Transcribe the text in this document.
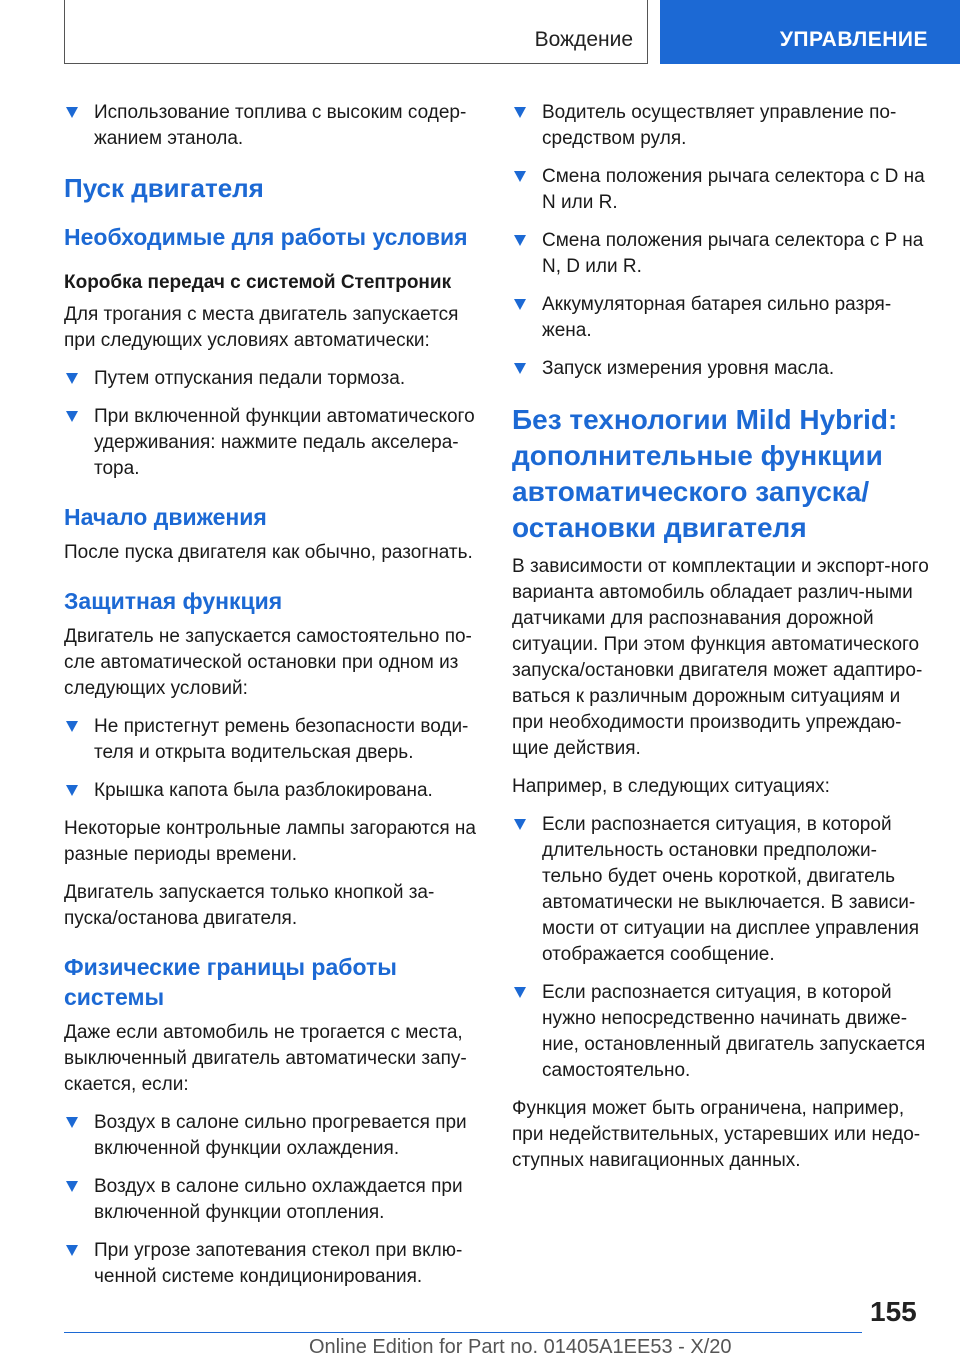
Вождение	УПРАВЛЕНИЕ
Использование топлива с высоким содер-жанием этанола.
Пуск двигателя
Необходимые для работы условия
Коробка передач с системой Стептроник

Для трогания с места двигатель запускается при следующих условиях автоматически:

Путем отпускания педали тормоза.
При включенной функции автоматического удерживания: нажмите педаль акселера-тора.
Начало движения

После пуска двигателя как обычно, разогнать.

Защитная функция

Двигатель не запускается самостоятельно по-сле автоматической остановки при одном из следующих условий:

Не пристегнут ремень безопасности води-теля и открыта водительская дверь.
Крышка капота была разблокирована.

Некоторые контрольные лампы загораются на разные периоды времени.

Двигатель запускается только кнопкой за-пуска/останова двигателя.

Физические границы работы системы

Даже если автомобиль не трогается с места, выключенный двигатель автоматически запу-скается, если:

Воздух в салоне сильно прогревается при включенной функции охлаждения.
Воздух в салоне сильно охлаждается при включенной функции отопления.
При угрозе запотевания стекол при вклю-ченной системе кондиционирования.
Водитель осуществляет управление по-средством руля.
Смена положения рычага селектора с D на N или R.
Смена положения рычага селектора с P на N, D или R.
Аккумуляторная батарея сильно разря-жена.
Запуск измерения уровня масла.
Без технологии Mild Hybrid: дополнительные функции автоматического запуска/ остановки двигателя

В зависимости от комплектации и экспорт-ного варианта автомобиль обладает различ-ными датчиками для распознавания дорожной ситуации. При этом функция автоматического запуска/остановки двигателя может адаптиро-ваться к различным дорожным ситуациям и при необходимости производить упреждаю-щие действия.

Например, в следующих ситуациях:

Если распознается ситуация, в которой длительность остановки предположи-тельно будет очень короткой, двигатель автоматически не выключается. В зависи-мости от ситуации на дисплее управления отображается сообщение.
Если распознается ситуация, в которой нужно непосредственно начинать движе-ние, остановленный двигатель запускается самостоятельно.

Функция может быть ограничена, например, при недействительных, устаревших или недо-ступных навигационных данных.

155
Online Edition for Part no. 01405A1EE53 - X/20
